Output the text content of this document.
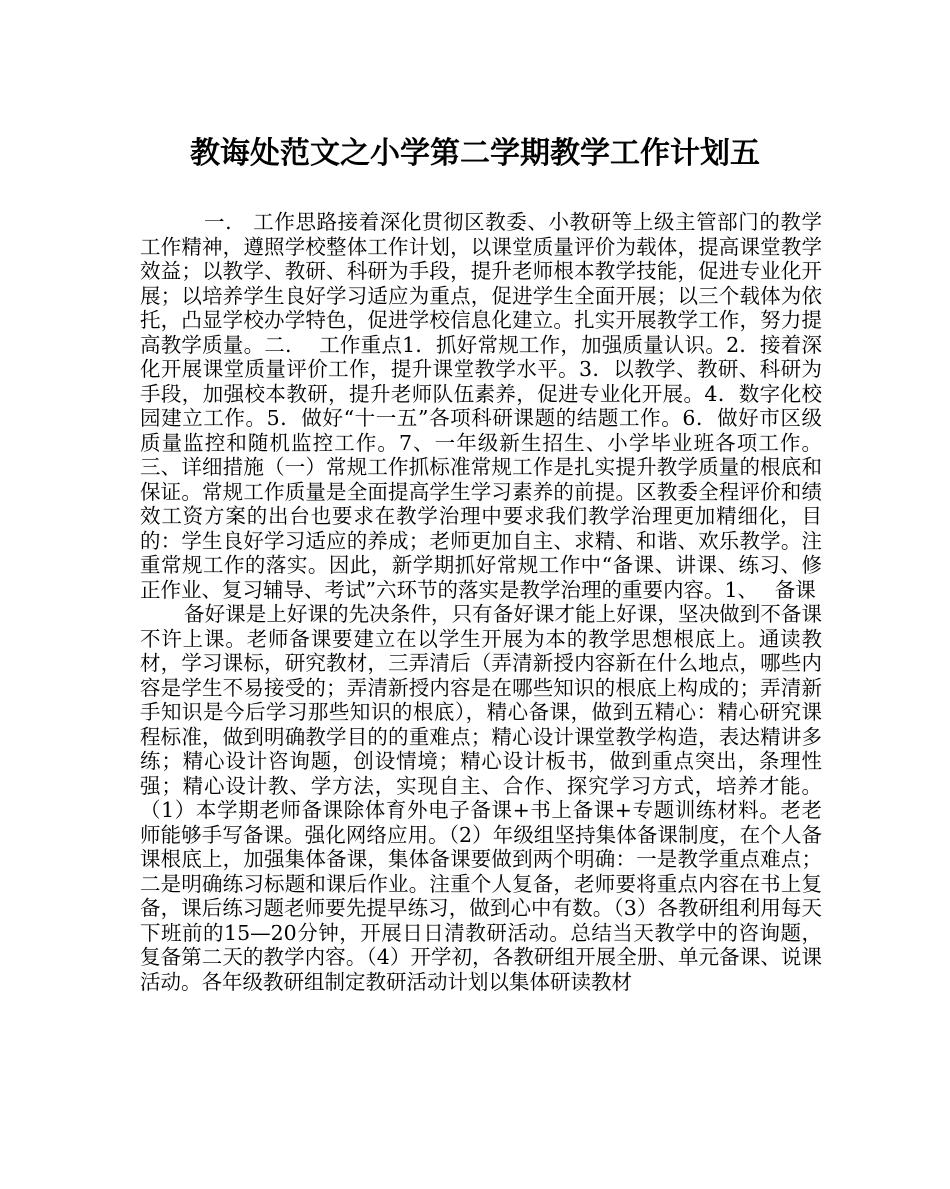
教诲处范文之小学第二学期教学工作计划五

一.　工作思路接着深化贯彻区教委、小教研等上级主管部门的教学工作精神，遵照学校整体工作计划，以课堂质量评价为载体，提高课堂教学效益；以教学、教研、科研为手段，提升老师根本教学技能，促进专业化开展；以培养学生良好学习适应为重点，促进学生全面开展；以三个载体为依托，凸显学校办学特色，促进学校信息化建立。扎实开展教学工作，努力提高教学质量。二.　 工作重点1．抓好常规工作，加强质量认识。2．接着深化开展课堂质量评价工作，提升课堂教学水平。3．以教学、教研、科研为手段，加强校本教研，提升老师队伍素养，促进专业化开展。4．数字化校园建立工作。5．做好“十一五”各项科研课题的结题工作。6．做好市区级质量监控和随机监控工作。7、一年级新生招生、小学毕业班各项工作。三、详细措施（一）常规工作抓标准常规工作是扎实提升教学质量的根底和保证。常规工作质量是全面提高学生学习素养的前提。区教委全程评价和绩效工资方案的出台也要求在教学治理中要求我们教学治理更加精细化，目的：学生良好学习适应的养成；老师更加自主、求精、和谐、欢乐教学。注重常规工作的落实。因此，新学期抓好常规工作中“备课、讲课、练习、修正作业、复习辅导、考试”六环节的落实是教学治理的重要内容。1、　 备课

备好课是上好课的先决条件，只有备好课才能上好课，坚决做到不备课不许上课。老师备课要建立在以学生开展为本的教学思想根底上。通读教材，学习课标，研究教材，三弄清后（弄清新授内容新在什么地点，哪些内容是学生不易接受的；弄清新授内容是在哪些知识的根底上构成的；弄清新手知识是今后学习那些知识的根底），精心备课，做到五精心：精心研究课程标准，做到明确教学目的的重难点；精心设计课堂教学构造，表达精讲多练；精心设计咨询题，创设情境；精心设计板书，做到重点突出，条理性强；精心设计教、学方法，实现自主、合作、探究学习方式，培养才能。（1）本学期老师备课除体育外电子备课+书上备课+专题训练材料。老老师能够手写备课。强化网络应用。（2）年级组坚持集体备课制度，在个人备课根底上，加强集体备课，集体备课要做到两个明确：一是教学重点难点；二是明确练习标题和课后作业。注重个人复备，老师要将重点内容在书上复备，课后练习题老师要先提早练习，做到心中有数。（3）各教研组利用每天下班前的15—20分钟，开展日日清教研活动。总结当天教学中的咨询题，复备第二天的教学内容。（4）开学初，各教研组开展全册、单元备课、说课活动。各年级教研组制定教研活动计划以集体研读教材
